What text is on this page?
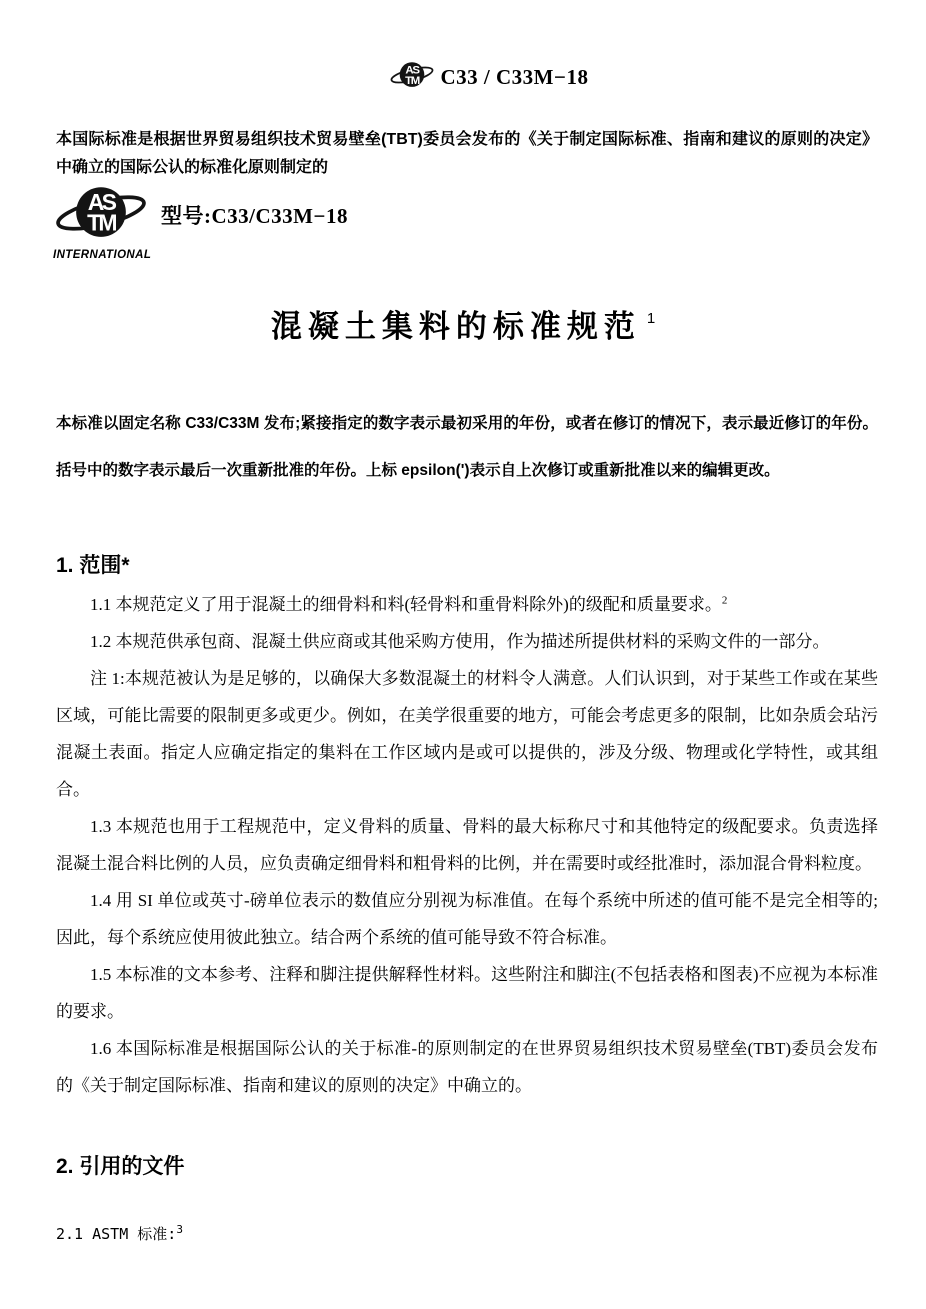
AS
TM C33 / C33M−18
本国际标准是根据世界贸易组织技术贸易壁垒(TBT)委员会发布的《关于制定国际标准、指南和建议的原则的决定》中确立的国际公认的标准化原则制定的
AS
TM
INTERNATIONAL
型号:C33/C33M−18
混凝土集料的标准规范 $^1$
本标准以固定名称 C33/C33M 发布;紧接指定的数字表示最初采用的年份，或者在修订的情况下，表示最近修订的年份。括号中的数字表示最后一次重新批准的年份。上标 epsilon(')表示自上次修订或重新批准以来的编辑更改。
1. 范围*

1.1 本规范定义了用于混凝土的细骨料和料(轻骨料和重骨料除外)的级配和质量要求。$^2$

1.2 本规范供承包商、混凝土供应商或其他采购方使用，作为描述所提供材料的采购文件的一部分。

注 1:本规范被认为是足够的，以确保大多数混凝土的材料令人满意。人们认识到，对于某些工作或在某些区域，可能比需要的限制更多或更少。例如，在美学很重要的地方，可能会考虑更多的限制，比如杂质会玷污混凝土表面。指定人应确定指定的集料在工作区域内是或可以提供的，涉及分级、物理或化学特性，或其组合。

1.3 本规范也用于工程规范中，定义骨料的质量、骨料的最大标称尺寸和其他特定的级配要求。负责选择混凝土混合料比例的人员，应负责确定细骨料和粗骨料的比例，并在需要时或经批准时，添加混合骨料粒度。

1.4 用 SI 单位或英寸-磅单位表示的数值应分别视为标准值。在每个系统中所述的值可能不是完全相等的;因此，每个系统应使用彼此独立。结合两个系统的值可能导致不符合标准。

1.5 本标准的文本参考、注释和脚注提供解释性材料。这些附注和脚注(不包括表格和图表)不应视为本标准的要求。

1.6 本国际标准是根据国际公认的关于标准-的原则制定的在世界贸易组织技术贸易壁垒(TBT)委员会发布的《关于制定国际标准、指南和建议的原则的决定》中确立的。

2. 引用的文件
2.1 ASTM 标准:$^3$
